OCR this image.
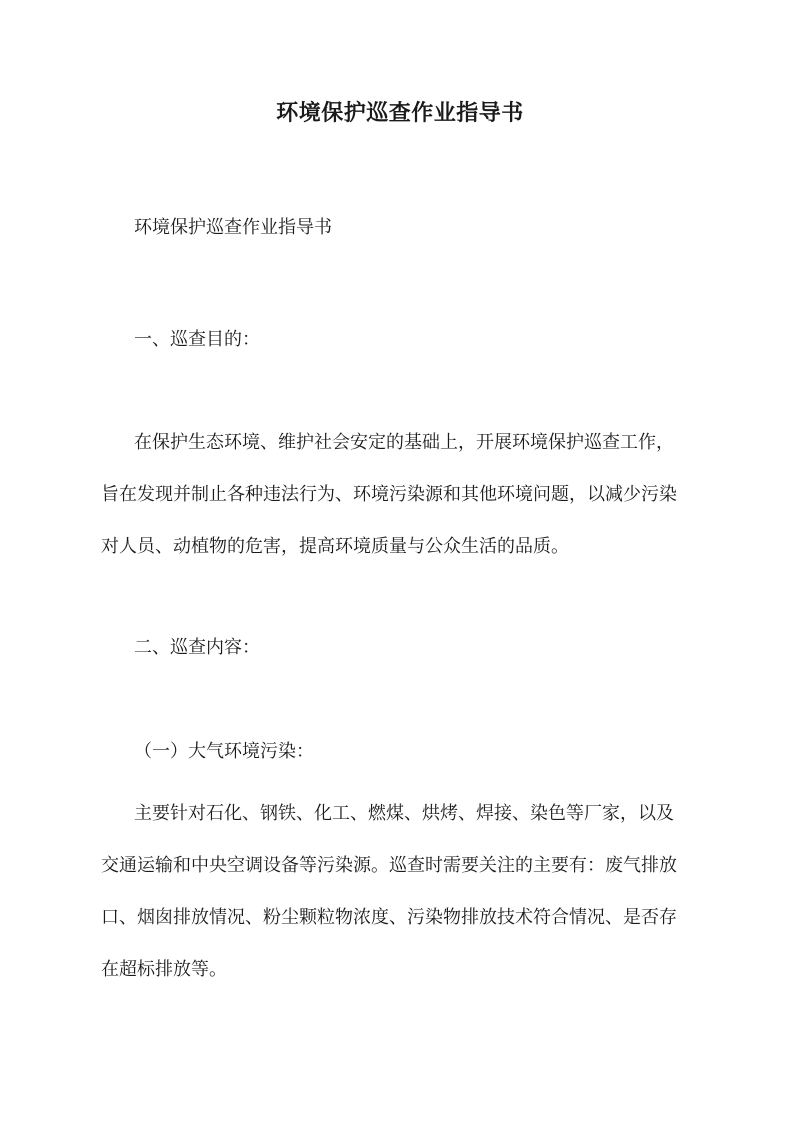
环境保护巡查作业指导书
环境保护巡查作业指导书
一、巡查目的：

在保护生态环境、维护社会安定的基础上，开展环境保护巡查工作，

旨在发现并制止各种违法行为、环境污染源和其他环境问题，以减少污染

对人员、动植物的危害，提高环境质量与公众生活的品质。

二、巡查内容：
（一）大气环境污染：

主要针对石化、钢铁、化工、燃煤、烘烤、焊接、染色等厂家，以及

交通运输和中央空调设备等污染源。巡查时需要关注的主要有：废气排放

口、烟囱排放情况、粉尘颗粒物浓度、污染物排放技术符合情况、是否存

在超标排放等。
